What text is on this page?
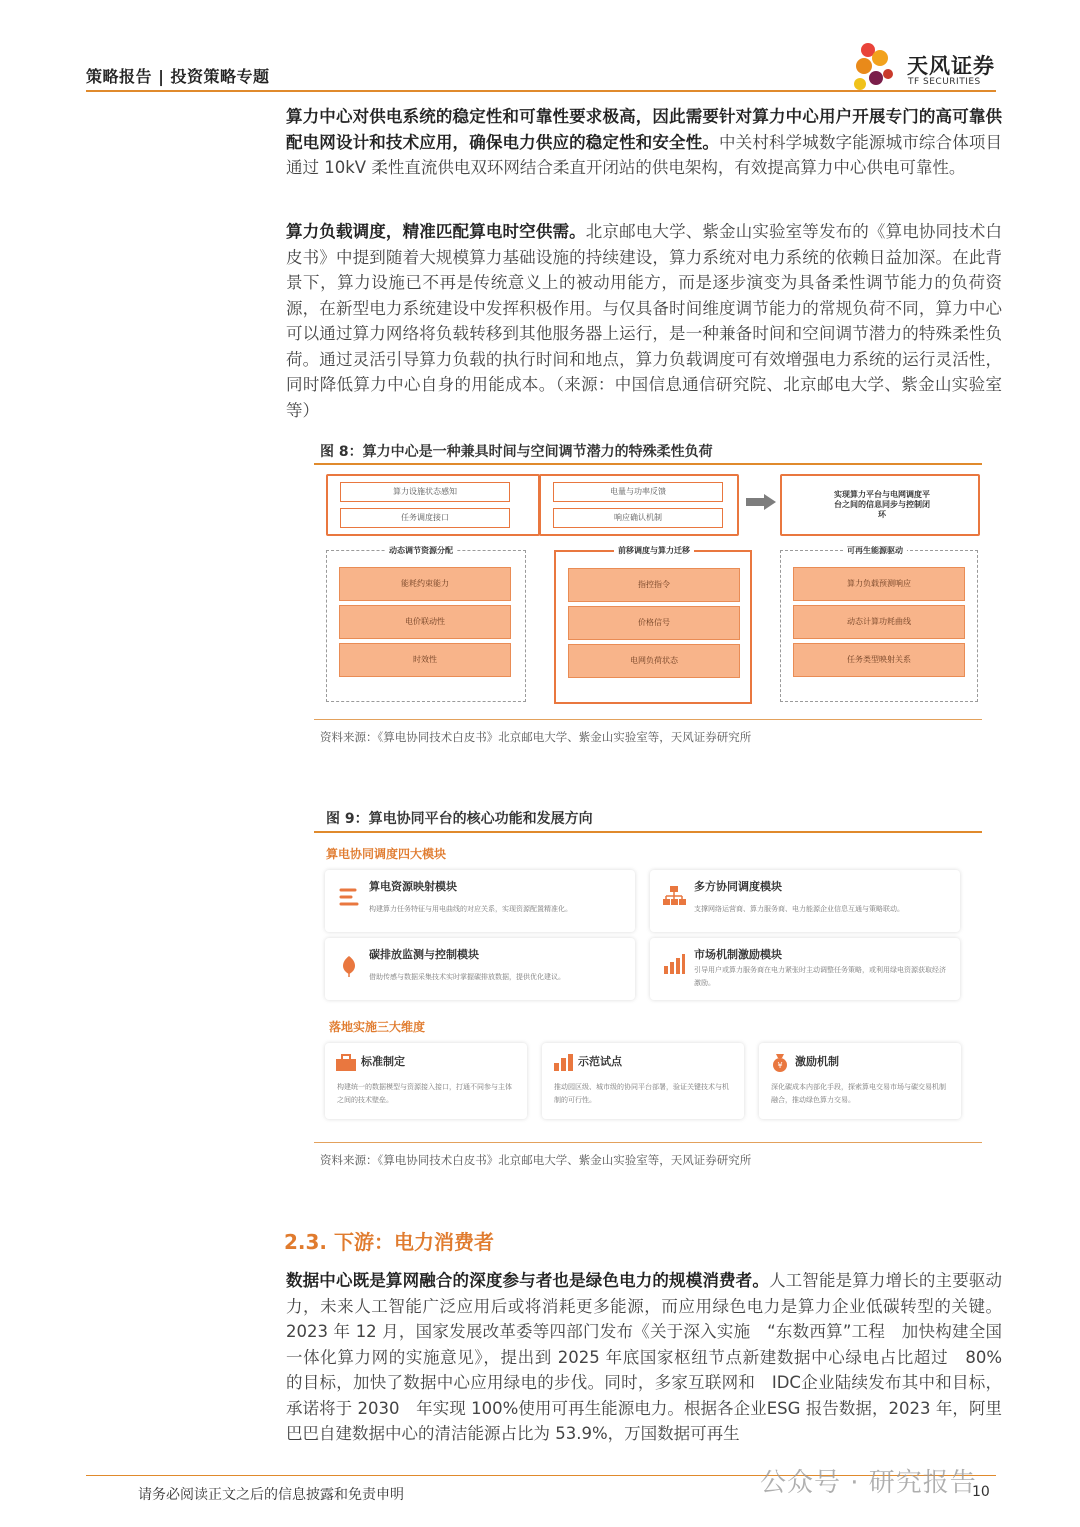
策略报告 | 投资策略专题	天风证券
TF SECURITIES
算力中心对供电系统的稳定性和可靠性要求极高，因此需要针对算力中心用户开展专门的高可靠供配电网设计和技术应用，确保电力供应的稳定性和安全性。中关村科学城数字能源城市综合体项目通过 10kV 柔性直流供电双环网结合柔直开闭站的供电架构，有效提高算力中心供电可靠性。
算力负载调度，精准匹配算电时空供需。北京邮电大学、紫金山实验室等发布的《算电协同技术白皮书》中提到随着大规模算力基础设施的持续建设，算力系统对电力系统的依赖日益加深。在此背景下，算力设施已不再是传统意义上的被动用能方，而是逐步演变为具备柔性调节能力的负荷资源，在新型电力系统建设中发挥积极作用。与仅具备时间维度调节能力的常规负荷不同，算力中心可以通过算力网络将负载转移到其他服务器上运行，是一种兼备时间和空间调节潜力的特殊柔性负荷。通过灵活引导算力负载的执行时间和地点，算力负载调度可有效增强电力系统的运行灵活性，同时降低算力中心自身的用能成本。（来源：中国信息通信研究院、北京邮电大学、紫金山实验室等）
图 8：算力中心是一种兼具时间与空间调节潜力的特殊柔性负荷
算力设施状态感知
任务调度接口
电量与功率反馈
响应确认机制
实现算力平台与电网调度平台之间的信息同步与控制闭环
动态调节资源分配
能耗约束能力
电价联动性
时效性
前移调度与算力迁移
指控指令
价格信号
电网负荷状态
可再生能源驱动
算力负载预测响应
动态计算功耗曲线
任务类型映射关系
资料来源：《算电协同技术白皮书》北京邮电大学、紫金山实验室等，天风证券研究所
图 9：算电协同平台的核心功能和发展方向
算电协同调度四大模块
算电资源映射模块
构建算力任务特征与用电曲线的对应关系，实现资源配置精准化。
多方协同调度模块
支撑网络运营商、算力服务商、电力能源企业信息互通与策略联动。
碳排放监测与控制模块
借助传感与数据采集技术实时掌握碳排放数据，提供优化建议。
市场机制激励模块
引导用户或算力服务商在电力紧张时主动调整任务策略，或利用绿电资源获取经济激励。
落地实施三大维度
标准制定
构建统一的数据模型与资源接入接口，打通不同参与主体之间的技术壁垒。
示范试点
推动园区级、城市级的协同平台部署，验证关键技术与机制的可行性。
¥ 激励机制
深化碳成本内部化手段，探索算电交易市场与碳交易机制融合，推动绿色算力交易。
资料来源：《算电协同技术白皮书》北京邮电大学、紫金山实验室等，天风证券研究所
2.3. 下游：电力消费者
数据中心既是算网融合的深度参与者也是绿色电力的规模消费者。人工智能是算力增长的主要驱动力，未来人工智能广泛应用后或将消耗更多能源，而应用绿色电力是算力企业低碳转型的关键。2023 年 12 月，国家发展改革委等四部门发布《关于深入实施　“东数西算”工程　加快构建全国一体化算力网的实施意见》，提出到 2025 年底国家枢纽节点新建数据中心绿电占比超过　80%　的目标，加快了数据中心应用绿电的步伐。同时，多家互联网和　IDC企业陆续发布其中和目标，承诺将于 2030　年实现 100%使用可再生能源电力。根据各企业ESG 报告数据，2023 年，阿里巴巴自建数据中心的清洁能源占比为 53.9%，万国数据可再生
请务必阅读正文之后的信息披露和免责申明	公众号 · 研究报告
10
